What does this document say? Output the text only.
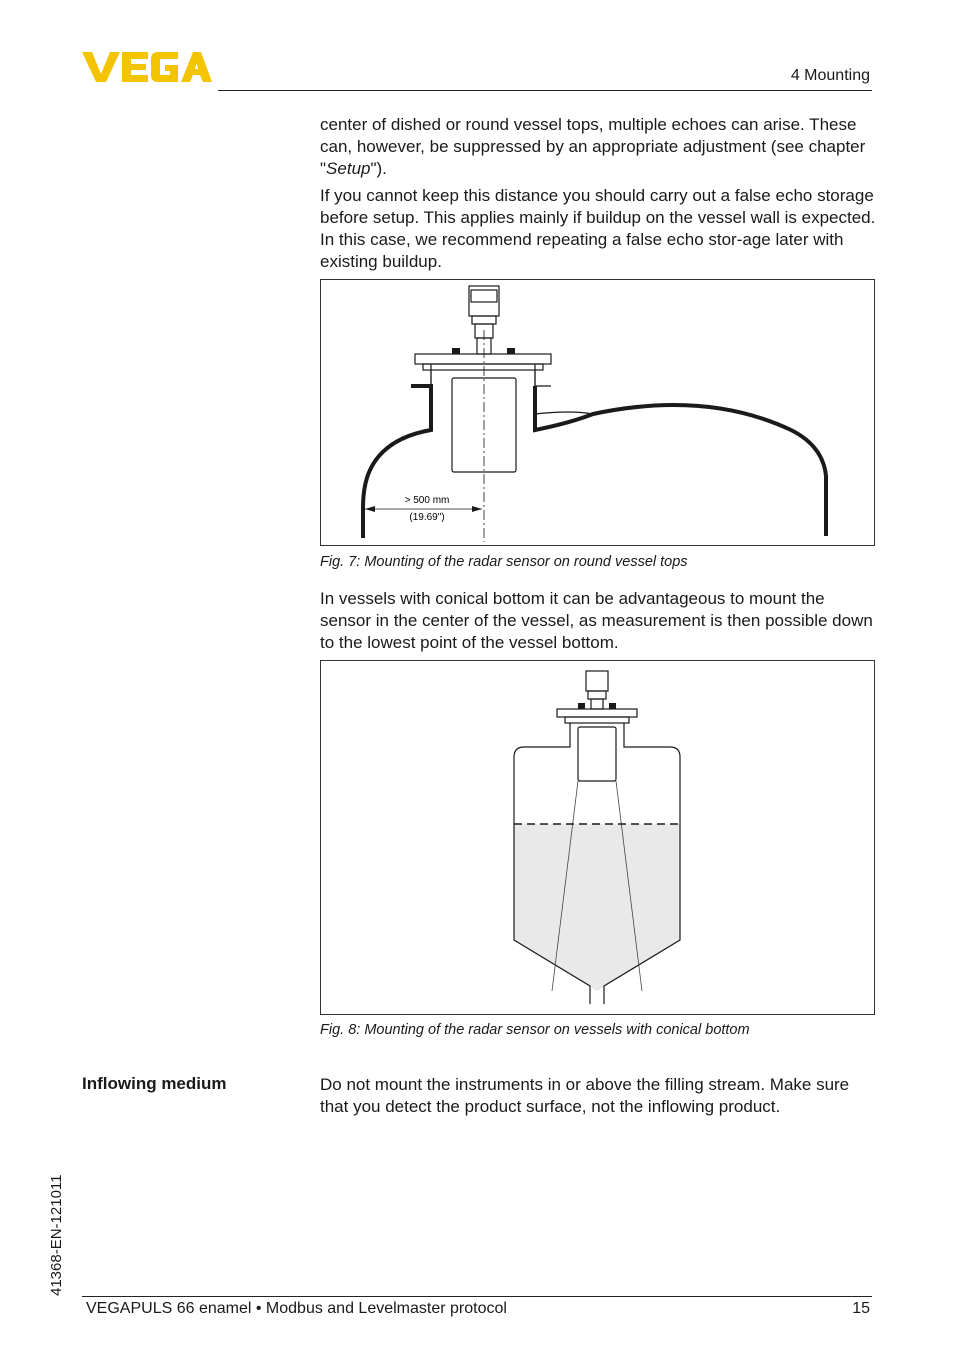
4 Mounting

center of dished or round vessel tops, multiple echoes can arise. These can, however, be suppressed by an appropriate adjustment (see chapter "Setup").

If you cannot keep this distance you should carry out a false echo storage before setup. This applies mainly if buildup on the vessel wall is expected. In this case, we recommend repeating a false echo stor-age later with existing buildup.

> 500 mm
(19.69")
Fig. 7: Mounting of the radar sensor on round vessel tops

In vessels with conical bottom it can be advantageous to mount the sensor in the center of the vessel, as measurement is then possible down to the lowest point of the vessel bottom.

Fig. 8: Mounting of the radar sensor on vessels with conical bottom
Inflowing medium	Do not mount the instruments in or above the filling stream. Make sure that you detect the product surface, not the inflowing product.

41368-EN-121011
VEGAPULS 66 enamel • Modbus and Levelmaster protocol	15
